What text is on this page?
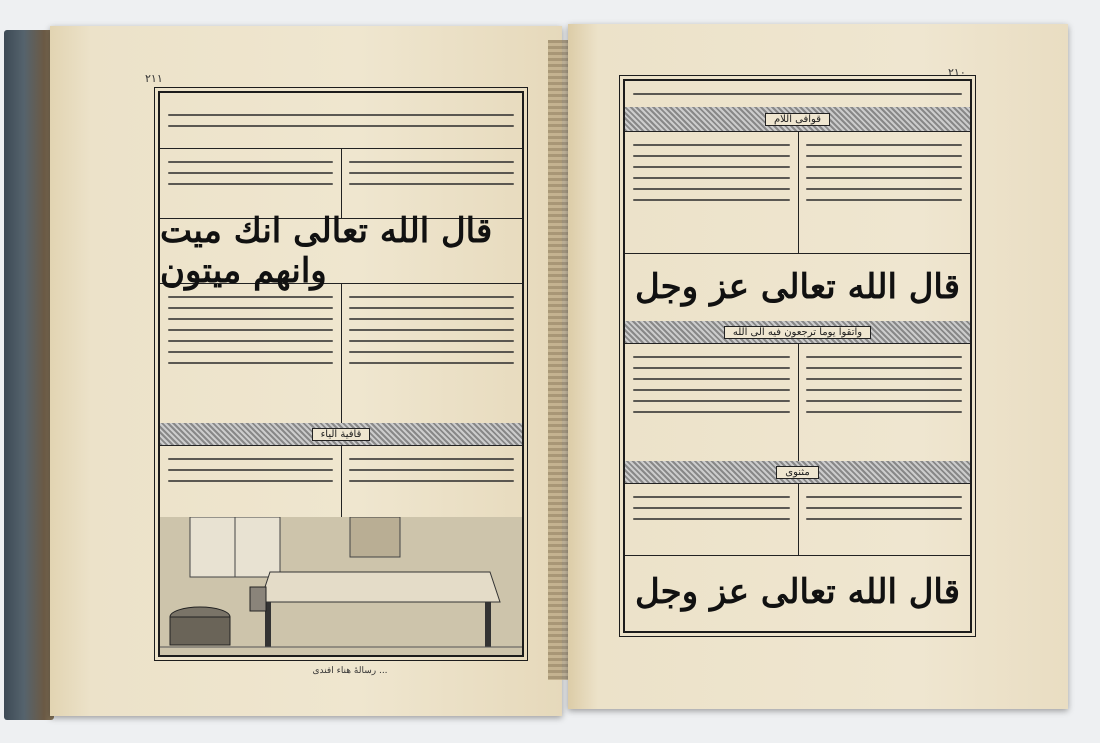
٢١١
قال الله تعالى انك ميت وانهم ميتون
قافية الياء
رسالهٔ هناء افندی ...
٢١٠
قوافی اللام
قال الله تعالى عز وجل
واتقوا يوما ترجعون فيه الى الله
مثنوى
قال الله تعالى عز وجل
